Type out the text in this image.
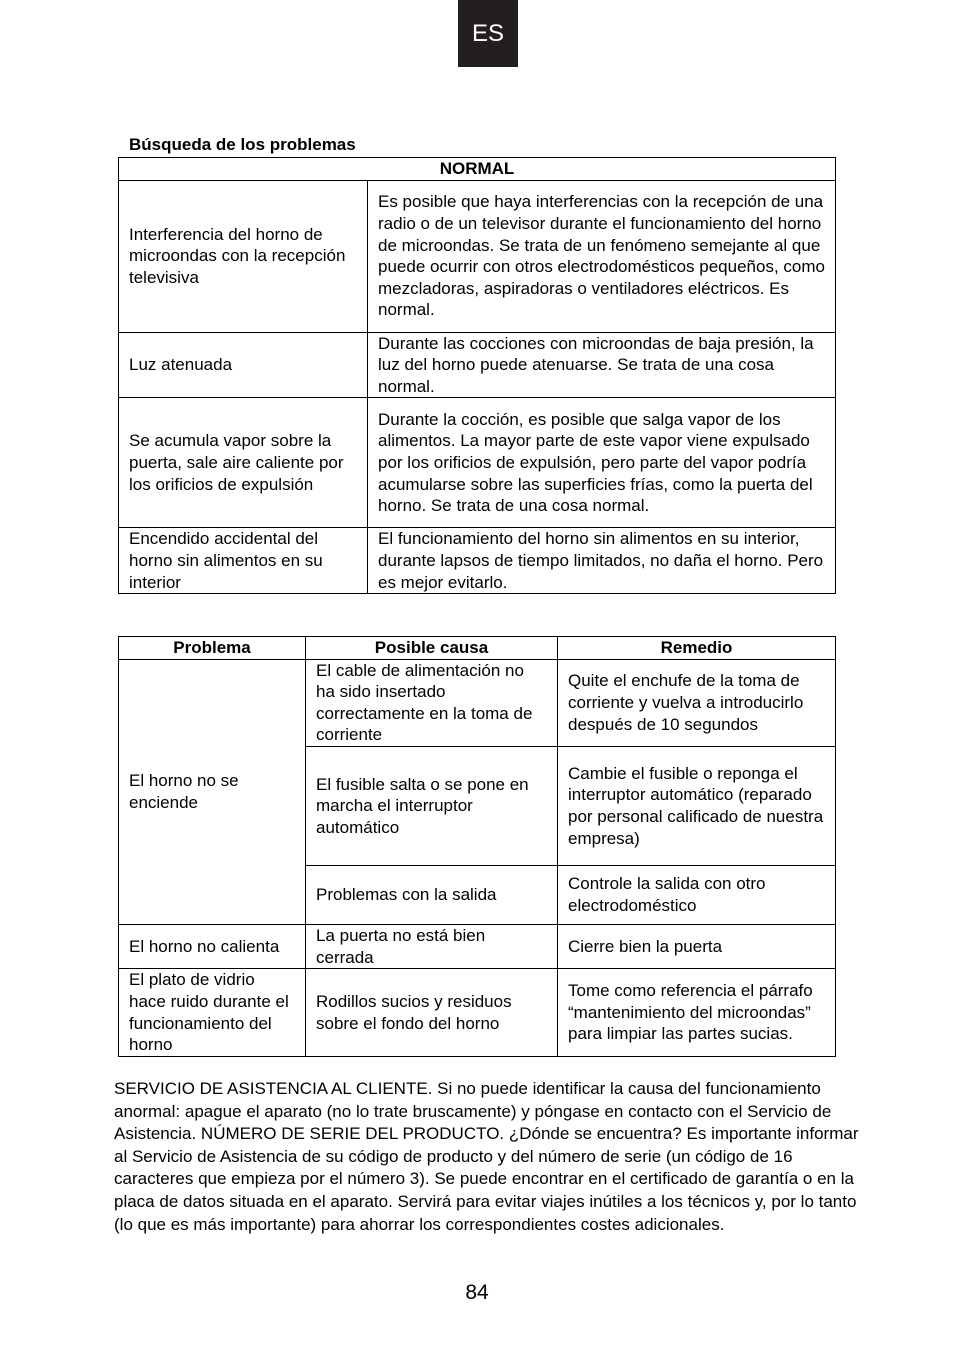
ES
Búsqueda de los problemas
NORMAL	
Interferencia del horno de microondas con la recepción televisiva	Es posible que haya interferencias con la recepción de una radio o de un televisor durante el funcionamiento del horno de microondas. Se trata de un fenómeno semejante al que puede ocurrir con otros electrodomésticos pequeños, como mezcladoras, aspiradoras o ventiladores eléctricos. Es normal.
Luz atenuada	Durante las cocciones con microondas de baja presión, la luz del horno puede atenuarse. Se trata de una cosa normal.
Se acumula vapor sobre la puerta, sale aire caliente por los orificios de expulsión	Durante la cocción, es posible que salga vapor de los alimentos. La mayor parte de este vapor viene expulsado por los orificios de expulsión, pero parte del vapor podría acumularse sobre las superficies frías, como la puerta del horno. Se trata de una cosa normal.
Encendido accidental del horno sin alimentos en su interior	El funcionamiento del horno sin alimentos en su interior, durante lapsos de tiempo limitados, no daña el horno. Pero es mejor evitarlo.
Problema	Posible causa	Remedio
El horno no se enciende	El cable de alimentación no ha sido insertado correctamente en la toma de corriente	Quite el enchufe de la toma de corriente y vuelva a introducirlo después de 10 segundos
	El fusible salta o se pone en marcha el interruptor automático	Cambie el fusible o reponga el interruptor automático (reparado por personal calificado de nuestra empresa)
	Problemas con la salida	Controle la salida con otro electrodoméstico
El horno no calienta	La puerta no está bien cerrada	Cierre bien la puerta
El plato de vidrio hace ruido durante el funcionamiento del horno	Rodillos sucios y residuos sobre el fondo del horno	Tome como referencia el párrafo “mantenimiento del microondas” para limpiar las partes sucias.
SERVICIO DE ASISTENCIA AL CLIENTE. Si no puede identificar la causa del funcionamiento anormal: apague el aparato (no lo trate bruscamente) y póngase en contacto con el Servicio de Asistencia. NÚMERO DE SERIE DEL PRODUCTO. ¿Dónde se encuentra? Es importante informar al Servicio de Asistencia de su código de producto y del número de serie (un código de 16 caracteres que empieza por el número 3). Se puede encontrar en el certificado de garantía o en la placa de datos situada en el aparato. Servirá para evitar viajes inútiles a los técnicos y, por lo tanto (lo que es más importante) para ahorrar los correspondientes costes adicionales.
84
